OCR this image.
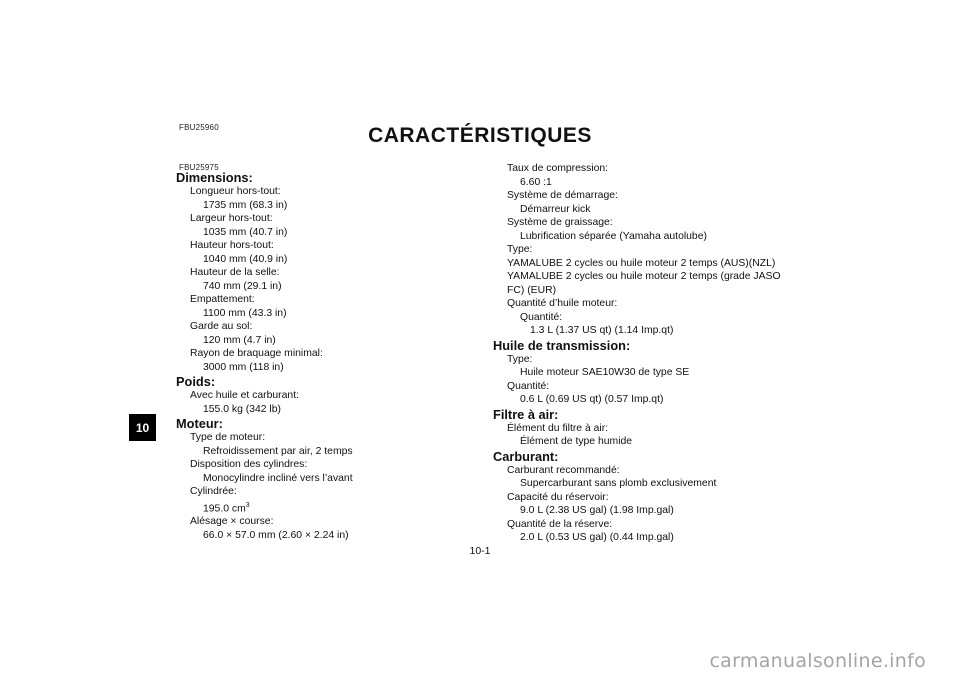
FBU25960	CARACTÉRISTIQUES
10
FBU25975
Dimensions:
Longueur hors-tout:
1735 mm (68.3 in)
Largeur hors-tout:
1035 mm (40.7 in)
Hauteur hors-tout:
1040 mm (40.9 in)
Hauteur de la selle:
740 mm (29.1 in)
Empattement:
1100 mm (43.3 in)
Garde au sol:
120 mm (4.7 in)
Rayon de braquage minimal:
3000 mm (118 in)
Poids:
Avec huile et carburant:
155.0 kg (342 lb)
Moteur:
Type de moteur:
Refroidissement par air, 2 temps
Disposition des cylindres:
Monocylindre incliné vers l’avant
Cylindrée:
195.0 $cm^3$
Alésage × course:
66.0 × 57.0 mm (2.60 × 2.24 in)
Taux de compression:
6.60 :1
Système de démarrage:
Démarreur kick
Système de graissage:
Lubrification séparée (Yamaha autolube)
Type:
YAMALUBE 2 cycles ou huile moteur 2 temps (AUS)(NZL)
YAMALUBE 2 cycles ou huile moteur 2 temps (grade JASO
FC) (EUR)
Quantité d’huile moteur:
Quantité:
1.3 L (1.37 US qt) (1.14 Imp.qt)
Huile de transmission:
Type:
Huile moteur SAE10W30 de type SE
Quantité:
0.6 L (0.69 US qt) (0.57 Imp.qt)
Filtre à air:
Élément du filtre à air:
Élément de type humide
Carburant:
Carburant recommandé:
Supercarburant sans plomb exclusivement
Capacité du réservoir:
9.0 L (2.38 US gal) (1.98 Imp.gal)
Quantité de la réserve:
2.0 L (0.53 US gal) (0.44 Imp.gal)
10-1
carmanualsonline.info
